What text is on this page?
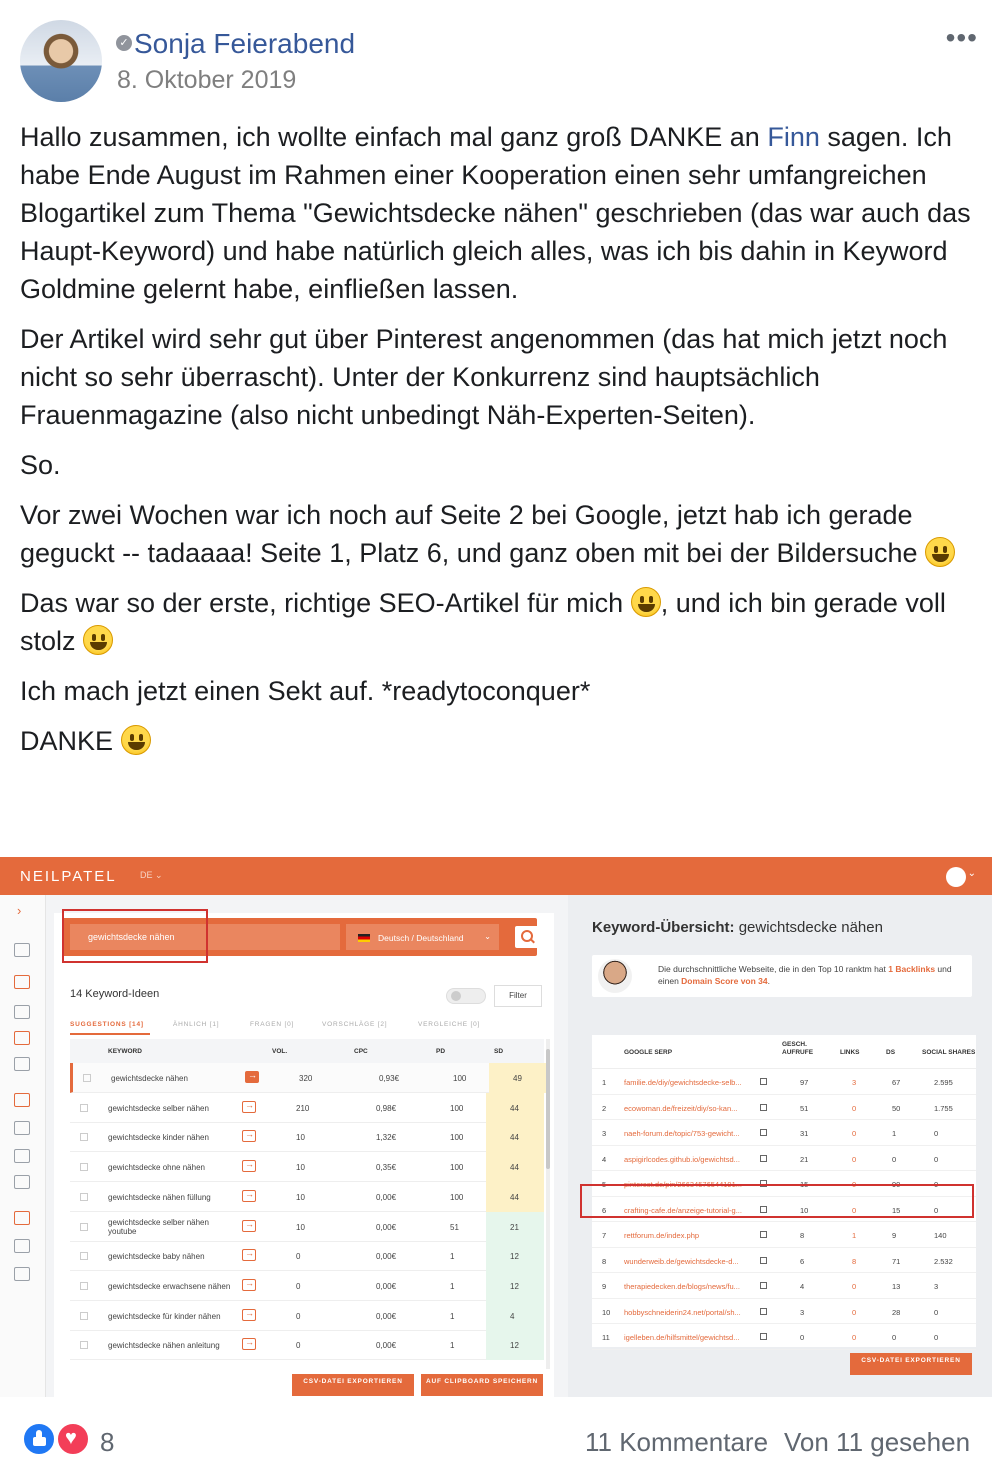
✓ Sonja Feierabend
8. Oktober 2019
•••

Hallo zusammen, ich wollte einfach mal ganz groß DANKE an Finn sagen. Ich habe Ende August im Rahmen einer Kooperation einen sehr umfangreichen Blogartikel zum Thema "Gewichtsdecke nähen" geschrieben (das war auch das Haupt-Keyword) und habe natürlich gleich alles, was ich bis dahin in Keyword Goldmine gelernt habe, einfließen lassen.

Der Artikel wird sehr gut über Pinterest angenommen (das hat mich jetzt noch nicht so sehr überrascht). Unter der Konkurrenz sind hauptsächlich Frauenmagazine (also nicht unbedingt Näh-Experten-Seiten).

So.

Vor zwei Wochen war ich noch auf Seite 2 bei Google, jetzt hab ich gerade geguckt -- tadaaaa! Seite 1, Platz 6, und ganz oben mit bei der Bildersuche

Das war so der erste, richtige SEO-Artikel für mich , und ich bin gerade voll stolz

Ich mach jetzt einen Sekt auf. *readytoconquer*

DANKE

NEILPATEL	DE ⌄	⌄
›
gewichtsdecke nähen	Deutsch / Deutschland	⌄
14 Keyword-Ideen	Filter
SUGGESTIONS [14]	ÄHNLICH [1]	FRAGEN [0]	VORSCHLÄGE [2]	VERGLEICHE [0]
KEYWORD	VOL.	CPC	PD	SD
gewichtsdecke nähen →	320	0,93€	100	49
gewichtsdecke selber nähen →	210	0,98€	100	44
gewichtsdecke kinder nähen →	10	1,32€	100	44
gewichtsdecke ohne nähen →	10	0,35€	100	44
gewichtsdecke nähen füllung →	10	0,00€	100	44
gewichtsdecke selber nähen youtube →	10	0,00€	51	21
gewichtsdecke baby nähen →	0	0,00€	1	12
gewichtsdecke erwachsene nähen →	0	0,00€	1	12
gewichtsdecke für kinder nähen →	0	0,00€	1	4
gewichtsdecke nähen anleitung →	0	0,00€	1	12
CSV-DATEI EXPORTIEREN	AUF CLIPBOARD SPEICHERN
Keyword-Übersicht: gewichtsdecke nähen
Die durchschnittliche Webseite, die in den Top 10 ranktm hat 1 Backlinks und einen Domain Score von 34.
GOOGLE SERP
GESCH. AUFRUFE	LINKS	DS	SOCIAL SHARES
1 familie.de/diy/gewichtsdecke-selb...	97	3	67	2.595
2 ecowoman.de/freizeit/diy/so-kan...	51	0	50	1.755
3 naeh-forum.de/topic/753-gewicht...	31	0	1	0
4 aspigirlcodes.github.io/gewichtsd...	21	0	0	0
5 pinterest.de/pin/26634576544191...	15	0	90	0
6 crafting-cafe.de/anzeige-tutorial-g...	10	0	15	0
7 rettforum.de/index.php	8	1	9	140
8 wunderweib.de/gewichtsdecke-d...	6	8	71	2.532
9 therapiedecken.de/blogs/news/fu...	4	0	13	3
10 hobbyschneiderin24.net/portal/sh...	3	0	28	0
11 igelleben.de/hilfsmittel/gewichtsd...	0	0	0	0
CSV-DATEI EXPORTIEREN
♥
8	11 Kommentare Von 11 gesehen
